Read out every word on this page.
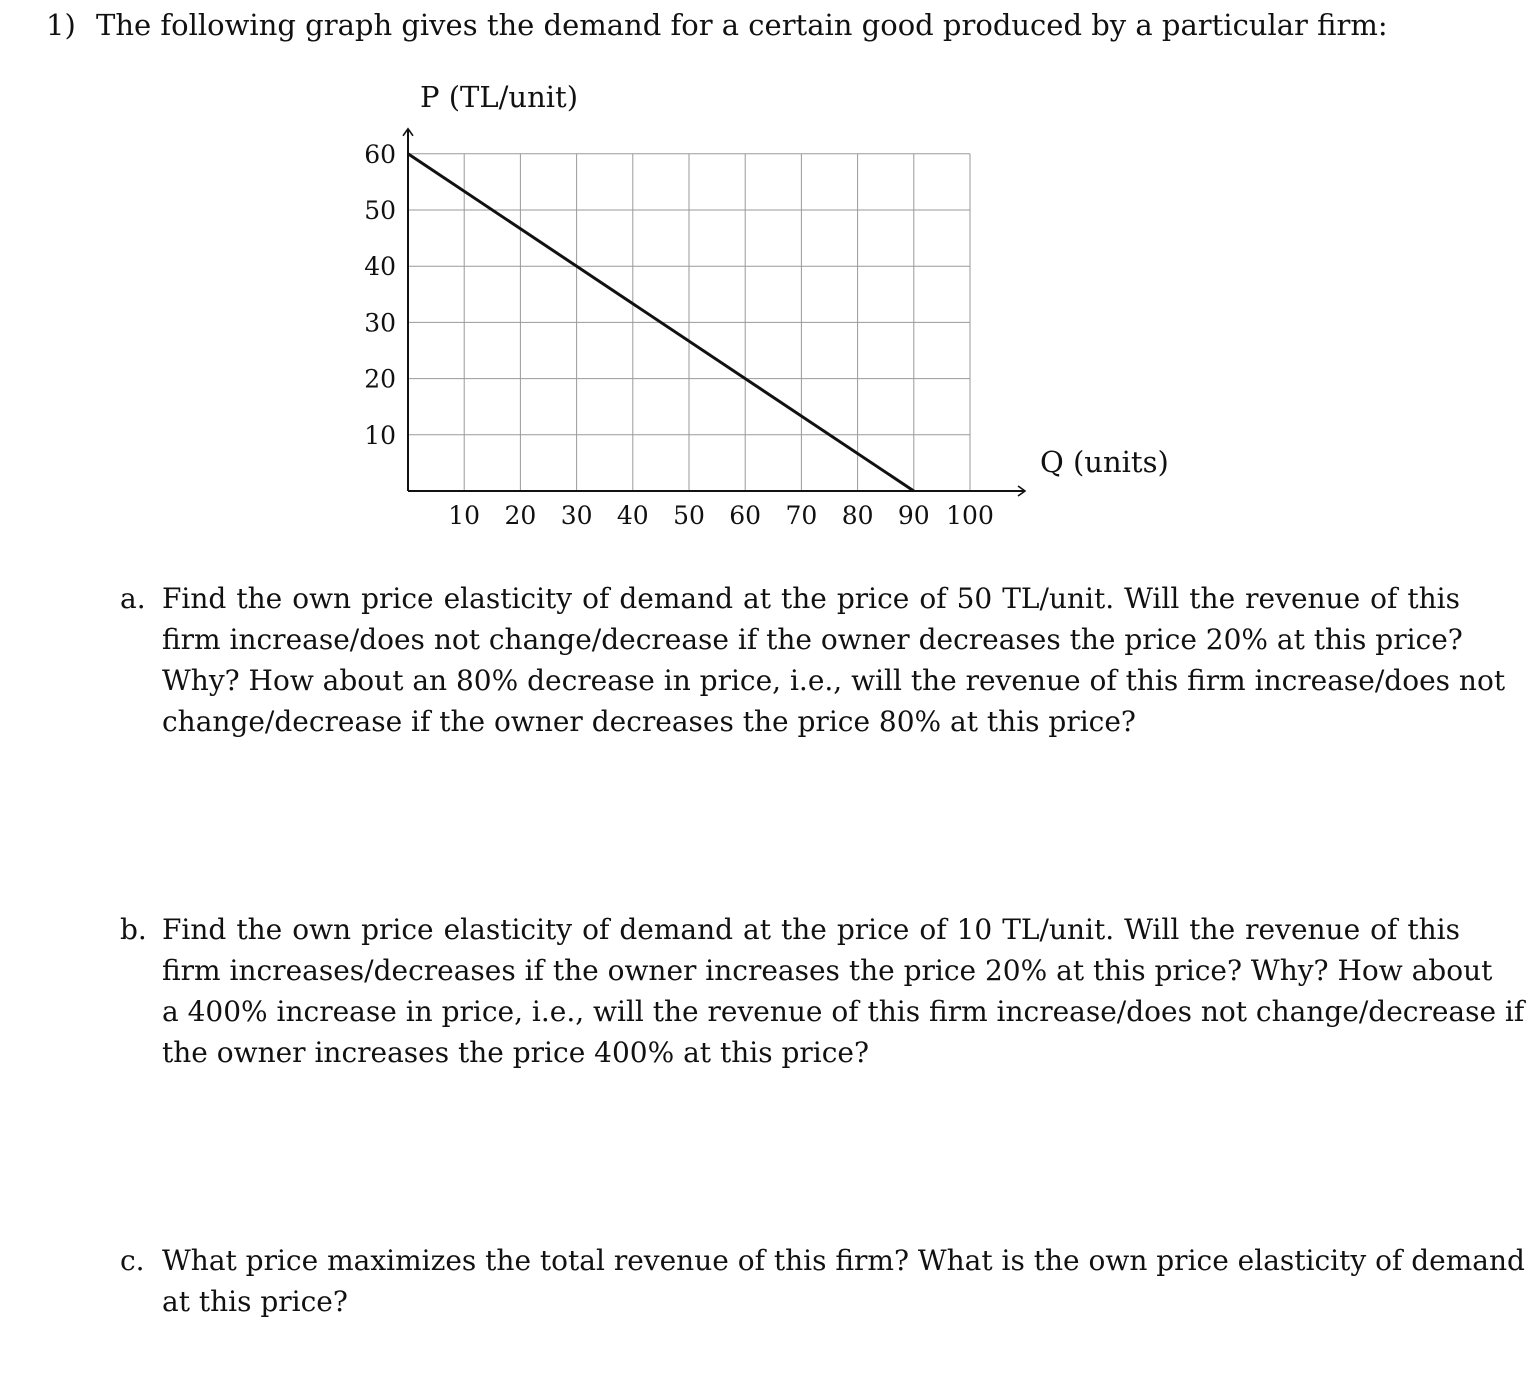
1) The following graph gives the demand for a certain good produced by a particular firm:
10 20 30 40 50 60 70 80 90 100
10
20
30
40
50
60
P (TL/unit)
Q (units)
a. Find the own price elasticity of demand at the price of 50 TL/unit. Will the revenue of this
firm increase/does not change/decrease if the owner decreases the price 20% at this price?
Why? How about an 80% decrease in price, i.e., will the revenue of this firm increase/does not
change/decrease if the owner decreases the price 80% at this price?
b. Find the own price elasticity of demand at the price of 10 TL/unit. Will the revenue of this
firm increases/decreases if the owner increases the price 20% at this price? Why? How about
a 400% increase in price, i.e., will the revenue of this firm increase/does not change/decrease if
the owner increases the price 400% at this price?
c. What price maximizes the total revenue of this firm? What is the own price elasticity of demand
at this price?
